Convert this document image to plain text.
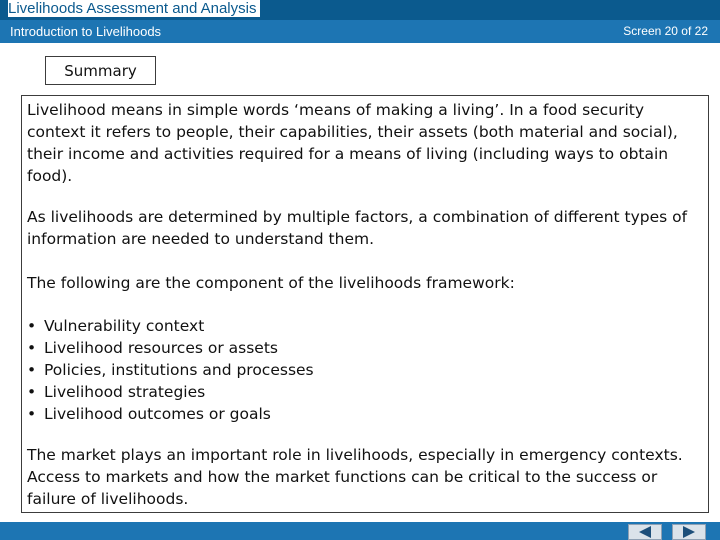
Livelihoods Assessment and Analysis
Introduction to Livelihoods	Screen 20 of 22
Summary

Livelihood means in simple words ‘means of making a living’. In a food security context it refers to people, their capabilities, their assets (both material and social), their income and activities required for a means of living (including ways to obtain food).

As livelihoods are determined by multiple factors, a combination of different types of information are needed to understand them.

The following are the component of the livelihoods framework:

• Vulnerability context
• Livelihood resources or assets
• Policies, institutions and processes
• Livelihood strategies
• Livelihood outcomes or goals

The market plays an important role in livelihoods, especially in emergency contexts. Access to markets and how the market functions can be critical to the success or failure of livelihoods.
